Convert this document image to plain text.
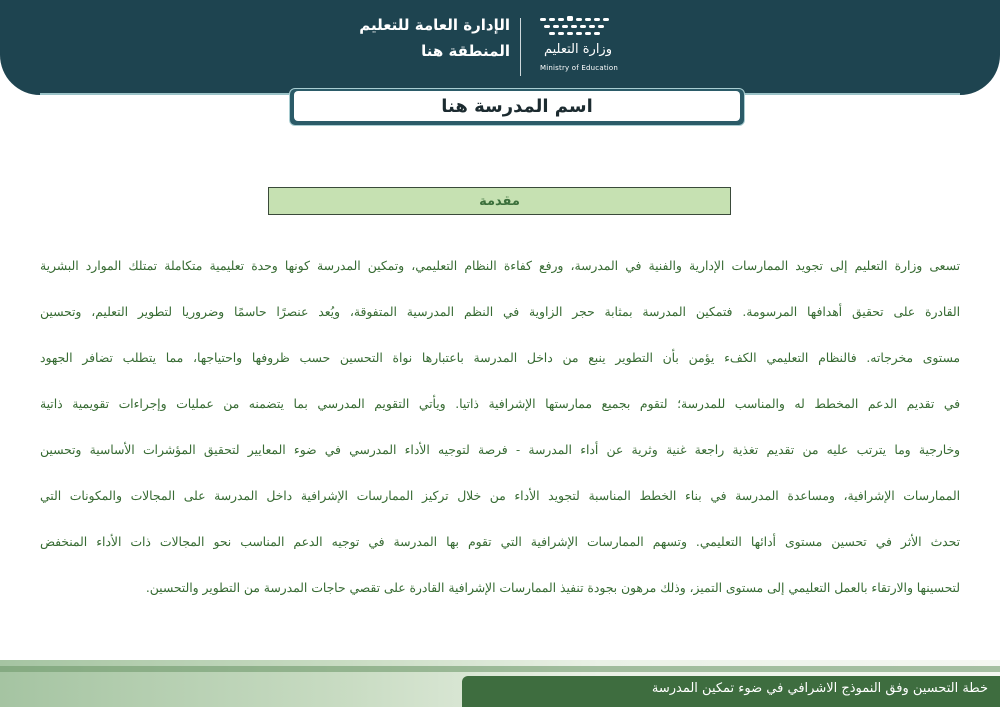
الإدارة العامة للتعليم
المنطقة هنا	وزارة التعليم
Ministry of Education
اسم المدرسة هنا
مقدمة
تسعى وزارة التعليم إلى تجويد الممارسات الإدارية والفنية في المدرسة، ورفع كفاءة النظام التعليمي، وتمكين المدرسة كونها وحدة تعليمية متكاملة تمتلك الموارد البشرية
القادرة على تحقيق أهدافها المرسومة. فتمكين المدرسة بمثابة حجر الزاوية في النظم المدرسية المتفوقة، ويُعد عنصرًا حاسمًا وضروريا لتطوير التعليم، وتحسين
مستوى مخرجاته. فالنظام التعليمي الكفء يؤمن بأن التطوير ينبع من داخل المدرسة باعتبارها نواة التحسين حسب ظروفها واحتياجها، مما يتطلب تضافر الجهود
في تقديم الدعم المخطط له والمناسب للمدرسة؛ لتقوم بجميع ممارستها الإشرافية ذاتيا. ويأتي التقويم المدرسي بما يتضمنه من عمليات وإجراءات تقويمية ذاتية
وخارجية وما يترتب عليه من تقديم تغذية راجعة غنية وثرية عن أداء المدرسة - فرصة لتوجيه الأداء المدرسي في ضوء المعايير لتحقيق المؤشرات الأساسية وتحسين
الممارسات الإشرافية، ومساعدة المدرسة في بناء الخطط المناسبة لتجويد الأداء من خلال تركيز الممارسات الإشرافية داخل المدرسة على المجالات والمكونات التي
تحدث الأثر في تحسين مستوى أدائها التعليمي. وتسهم الممارسات الإشرافية التي تقوم بها المدرسة في توجيه الدعم المناسب نحو المجالات ذات الأداء المنخفض
لتحسينها والارتقاء بالعمل التعليمي إلى مستوى التميز، وذلك مرهون بجودة تنفيذ الممارسات الإشرافية القادرة على تقصي حاجات المدرسة من التطوير والتحسين.
خطة التحسين وفق النموذج الاشرافي في ضوء تمكين المدرسة
